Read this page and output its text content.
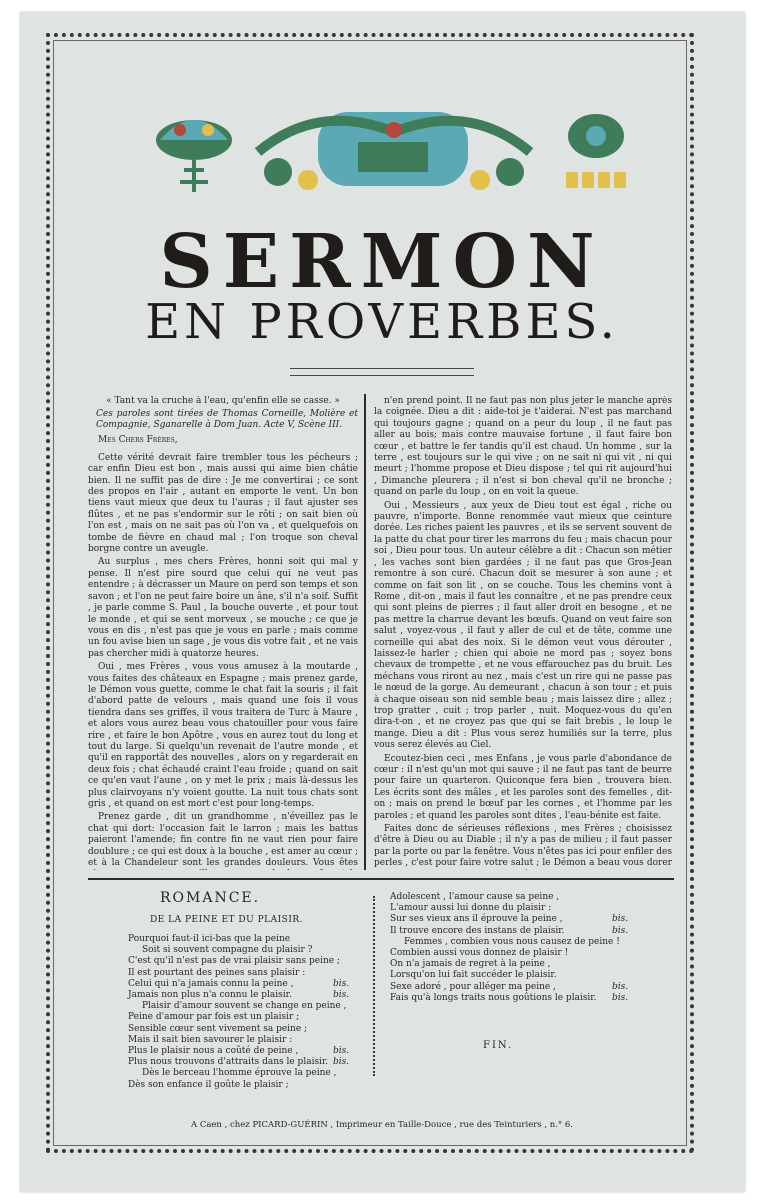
SERMON
EN PROVERBES.

« Tant va la cruche à l'eau, qu'enfin elle se casse. »

Ces paroles sont tirées de Thomas Corneille, Molière et Compagnie, Sganarelle à Dom Juan. Acte V, Scène III.

Mes Chers Frères,

Cette vérité devrait faire trembler tous les pécheurs ; car enfin Dieu est bon , mais aussi qui aime bien châtie bien. Il ne suffit pas de dire : Je me convertirai ; ce sont des propos en l'air , autant en emporte le vent. Un bon tiens vaut mieux que deux tu l'auras ; il faut ajuster ses flûtes , et ne pas s'endormir sur le rôti ; on sait bien où l'on est , mais on ne sait pas où l'on va , et quelquefois on tombe de fièvre en chaud mal ; l'on troque son cheval borgne contre un aveugle.

Au surplus , mes chers Frères, honni soit qui mal y pense. Il n'est pire sourd que celui qui ne veut pas entendre ; à décrasser un Maure on perd son temps et son savon ; et l'on ne peut faire boire un âne, s'il n'a soif. Suffit , je parle comme S. Paul , la bouche ouverte , et pour tout le monde , et qui se sent morveux , se mouche ; ce que je vous en dis , n'est pas que je vous en parle ; mais comme un fou avise bien un sage , je vous dis votre fait , et ne vais pas chercher midi à quatorze heures.

Oui , mes Frères , vous vous amusez à la moutarde , vous faites des châteaux en Espagne ; mais prenez garde, le Démon vous guette, comme le chat fait la souris ; il fait d'abord patte de velours , mais quand une fois il vous tiendra dans ses griffes, il vous traitera de Turc à Maure , et alors vous aurez beau vous chatouiller pour vous faire rire , et faire le bon Apôtre , vous en aurez tout du long et tout du large. Si quelqu'un revenait de l'autre monde , et qu'il en rapportât des nouvelles , alors on y regarderait en deux fois ; chat échaudé craint l'eau froide ; quand on sait ce qu'en vaut l'aune , on y met le prix ; mais là-dessus les plus clairvoyans n'y voient goutte. La nuit tous chats sont gris , et quand on est mort c'est pour long-temps.

Prenez garde , dit un grandhomme , n'éveillez pas le chat qui dort: l'occasion fait le larron ; mais les battus paieront l'amende; fin contre fin ne vaut rien pour faire doublure ; ce qui est doux à la bouche , est amer au cœur ; et à la Chandeleur sont les grandes douleurs. Vous êtes

n'en prend point. Il ne faut pas non plus jeter le manche après la coignée. Dieu a dit : aide-toi je t'aiderai. N'est pas marchand qui toujours gagne ; quand on a peur du loup , il ne faut pas aller au bois; mais contre mauvaise fortune , il faut faire bon cœur , et battre le fer tandis qu'il est chaud. Un homme , sur la terre , est toujours sur le qui vive ; on ne sait ni qui vit , ni qui meurt ; l'homme propose et Dieu dispose ; tel qui rit aujourd'hui , Dimanche pleurera ; il n'est si bon cheval qu'il ne bronche ; quand on parle du loup , on en voit la queue.

Oui , Messieurs , aux yeux de Dieu tout est égal , riche ou pauvre, n'importe. Bonne renommée vaut mieux que ceinture dorée. Les riches paient les pauvres , et ils se servent souvent de la patte du chat pour tirer les marrons du feu ; mais chacun pour soi , Dieu pour tous. Un auteur célèbre a dit : Chacun son métier , les vaches sont bien gardées ; il ne faut pas que Gros-Jean remontre à son curé. Chacun doit se mesurer à son aune ; et comme on fait son lit , on se couche. Tous les chemins vont à Rome , dit-on , mais il faut les connaître , et ne pas prendre ceux qui sont pleins de pierres ; il faut aller droit en besogne , et ne pas mettre la charrue devant les bœufs. Quand on veut faire son salut , voyez-vous , il faut y aller de cul et de tête, comme une corneille qui abat des noix. Si le démon veut vous dérouter , laissez-le harler ; chien qui aboie ne mord pas ; soyez bons chevaux de trompette , et ne vous effarouchez pas du bruit. Les méchans vous riront au nez , mais c'est un rire qui ne passe pas le nœud de la gorge. Au demeurant , chacun à son tour ; et puis à chaque oiseau son nid semble beau ; mais laissez dire ; allez ; trop gratter , cuit ; trop parler , nuit. Moquez-vous du qu'en dira-t-on , et ne croyez pas que qui se fait brebis , le loup le mange. Dieu a dit : Plus vous serez humiliés sur la terre, plus vous serez élevés au Ciel.

Ecoutez-bien ceci , mes Enfans , je vous parle d'abondance de cœur : il n'est qu'un mot qui sauve ; il ne faut pas tant de beurre pour faire un quarteron. Quiconque fera bien , trouvera bien. Les écrits sont des mâles , et les paroles sont des femelles , dit-on ; mais on prend le bœuf par les cornes , et l'homme par les paroles ; et quand les paroles sont dites , l'eau-bénite est faite.

Faites donc de sérieuses réflexions , mes Frères ; choisissez d'être à Dieu ou au Diable ; il n'y a pas de milieu ; il faut passer par la porte ou par la fenêtre. Vous n'êtes pas ici pour enfiler des perles , c'est pour faire votre salut ; le Démon a beau vous dorer

ROMANCE.
DE LA PEINE ET DU PLAISIR.
Pourquoi faut-il ici-bas que la peine
Soit si souvent compagne du plaisir ?
C'est qu'il n'est pas de vrai plaisir sans peine ;
Il est pourtant des peines sans plaisir :
Celui qui n'a jamais connu la peine ,	bis.
Jamais non plus n'a connu le plaisir.	bis.
Plaisir d'amour souvent se change en peine ,
Peine d'amour par fois est un plaisir ;
Sensible cœur sent vivement sa peine ;
Mais il sait bien savourer le plaisir :
Plus le plaisir nous a coûté de peine ,	bis.
Plus nous trouvons d'attraits dans le plaisir. bis.
Dès le berceau l'homme éprouve la peine ,
Dès son enfance il goûte le plaisir ;
Adolescent , l'amour cause sa peine ,
L'amour aussi lui donne du plaisir :
Sur ses vieux ans il éprouve la peine ,	bis.
Il trouve encore des instans de plaisir.	bis.
Femmes , combien vous nous causez de peine !
Combien aussi vous donnez de plaisir !
On n'a jamais de regret à la peine ,
Lorsqu'on lui fait succéder le plaisir.
Sexe adoré , pour alléger ma peine ,	bis.
Fais qu'à longs traits nous goûtions le plaisir. bis.
FIN.
A Caen , chez PICARD-GUÉRIN , Imprimeur en Taille-Douce , rue des Teinturiers , n.° 6.
